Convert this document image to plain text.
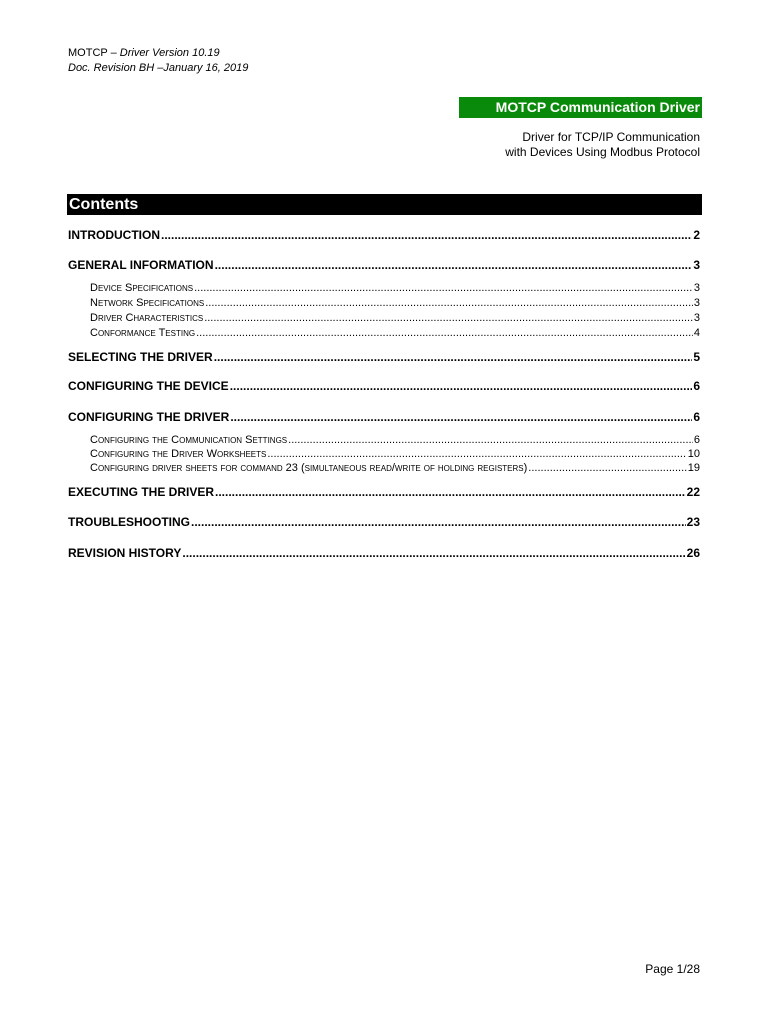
MOTCP – Driver Version 10.19
Doc. Revision BH –January 16, 2019
MOTCP Communication Driver
Driver for TCP/IP Communication
with Devices Using Modbus Protocol
Contents
INTRODUCTION .....	2
GENERAL INFORMATION .....	3
Device Specifications .....	3
Network Specifications .....	3
Driver Characteristics .....	3
Conformance Testing .....	4
SELECTING THE DRIVER .....	5
CONFIGURING THE DEVICE .....	6
CONFIGURING THE DRIVER .....	6
Configuring the Communication Settings .....	6
Configuring the Driver Worksheets .....	10
Configuring driver sheets for command 23 (simultaneous read/write of holding registers) .....	19
EXECUTING THE DRIVER .....	22
TROUBLESHOOTING .....	23
REVISION HISTORY .....	26
Page 1/28
